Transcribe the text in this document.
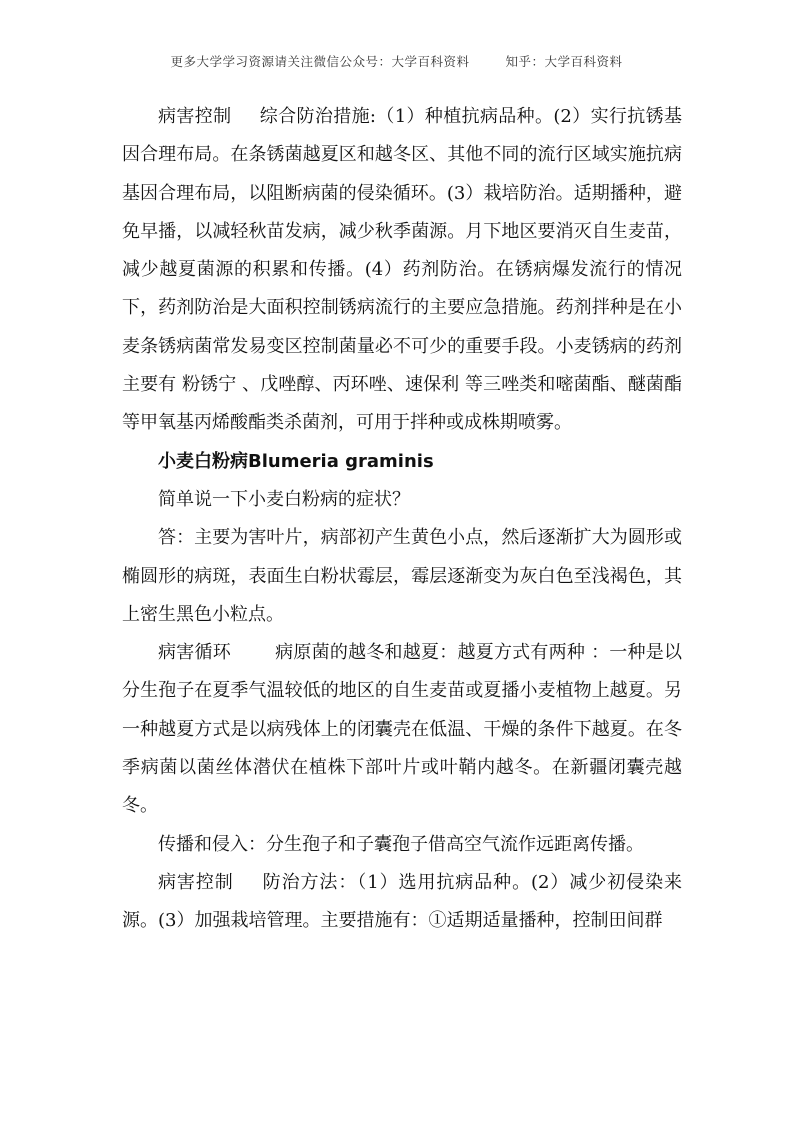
更多大学学习资源请关注微信公众号：大学百科资料	知乎：大学百科资料

病害控制 综合防治措施:（1）种植抗病品种。(2）实行抗锈基因合理布局。在条锈菌越夏区和越冬区、其他不同的流行区域实施抗病基因合理布局，以阻断病菌的侵染循环。(3）栽培防治。适期播种，避免早播，以减轻秋苗发病，减少秋季菌源。月下地区要消灭自生麦苗，减少越夏菌源的积累和传播。(4）药剂防治。在锈病爆发流行的情况下，药剂防治是大面积控制锈病流行的主要应急措施。药剂拌种是在小麦条锈病菌常发易变区控制菌量必不可少的重要手段。小麦锈病的药剂主要有 粉锈宁 、戊唑醇、丙环唑、速保利 等三唑类和嘧菌酯、醚菌酯等甲氧基丙烯酸酯类杀菌剂，可用于拌种或成株期喷雾。

小麦白粉病Blumeria graminis

简单说一下小麦白粉病的症状？

答：主要为害叶片，病部初产生黄色小点，然后逐渐扩大为圆形或椭圆形的病斑，表面生白粉状霉层，霉层逐渐变为灰白色至浅褐色，其上密生黑色小粒点。

病害循环 病原菌的越冬和越夏：越夏方式有两种 ：一种是以分生孢子在夏季气温较低的地区的自生麦苗或夏播小麦植物上越夏。另一种越夏方式是以病残体上的闭囊壳在低温、干燥的条件下越夏。在冬季病菌以菌丝体潜伏在植株下部叶片或叶鞘内越冬。在新疆闭囊壳越冬。

传播和侵入：分生孢子和子囊孢子借高空气流作远距离传播。

病害控制 防治方法：（1）选用抗病品种。(2）减少初侵染来源。(3）加强栽培管理。主要措施有：①适期适量播种，控制田间群
